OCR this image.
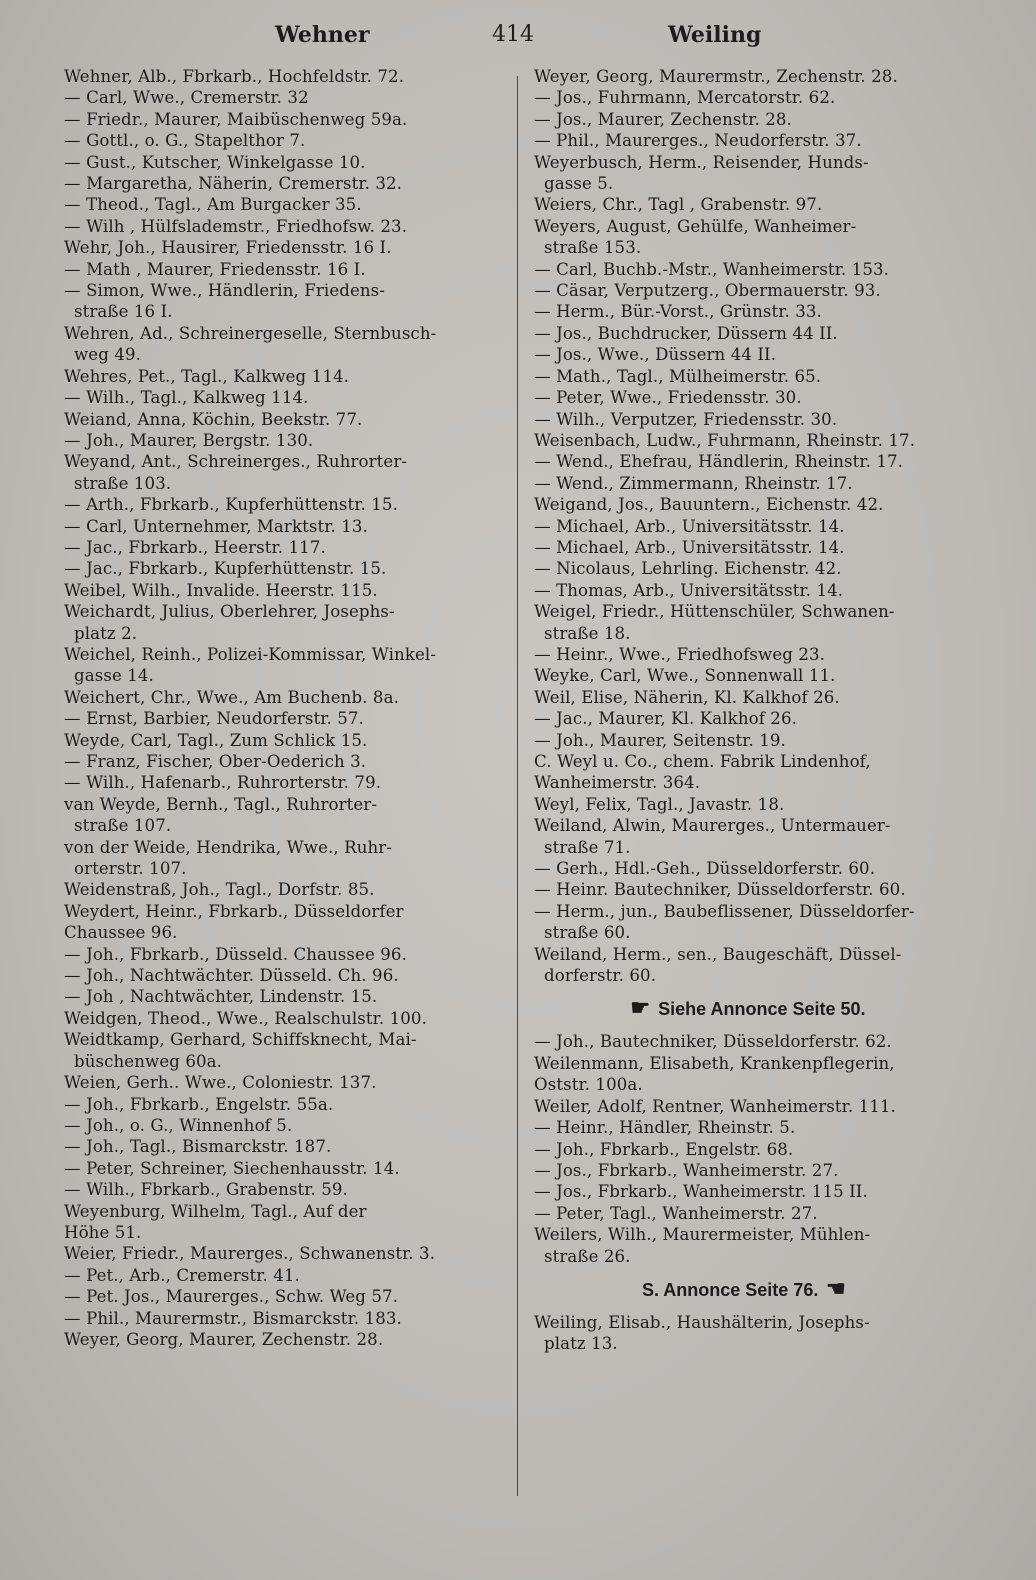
Wehner	414	Weiling
Wehner, Alb., Fbrkarb., Hochfeldstr. 72.
— Carl, Wwe., Cremerstr. 32
— Friedr., Maurer, Maibüschenweg 59a.
— Gottl., o. G., Stapelthor 7.
— Gust., Kutscher, Winkelgasse 10.
— Margaretha, Näherin, Cremerstr. 32.
— Theod., Tagl., Am Burgacker 35.
— Wilh , Hülfslademstr., Friedhofsw. 23.
Wehr, Joh., Hausirer, Friedensstr. 16 I.
— Math , Maurer, Friedensstr. 16 I.
— Simon, Wwe., Händlerin, Friedens-
straße 16 I.
Wehren, Ad., Schreinergeselle, Sternbusch-
weg 49.
Wehres, Pet., Tagl., Kalkweg 114.
— Wilh., Tagl., Kalkweg 114.
Weiand, Anna, Köchin, Beekstr. 77.
— Joh., Maurer, Bergstr. 130.
Weyand, Ant., Schreinerges., Ruhrorter-
straße 103.
— Arth., Fbrkarb., Kupferhüttenstr. 15.
— Carl, Unternehmer, Marktstr. 13.
— Jac., Fbrkarb., Heerstr. 117.
— Jac., Fbrkarb., Kupferhüttenstr. 15.
Weibel, Wilh., Invalide. Heerstr. 115.
Weichardt, Julius, Oberlehrer, Josephs-
platz 2.
Weichel, Reinh., Polizei-Kommissar, Winkel-
gasse 14.
Weichert, Chr., Wwe., Am Buchenb. 8a.
— Ernst, Barbier, Neudorferstr. 57.
Weyde, Carl, Tagl., Zum Schlick 15.
— Franz, Fischer, Ober-Oederich 3.
— Wilh., Hafenarb., Ruhrorterstr. 79.
van Weyde, Bernh., Tagl., Ruhrorter-
straße 107.
von der Weide, Hendrika, Wwe., Ruhr-
orterstr. 107.
Weidenstraß, Joh., Tagl., Dorfstr. 85.
Weydert, Heinr., Fbrkarb., Düsseldorfer
Chaussee 96.
— Joh., Fbrkarb., Düsseld. Chaussee 96.
— Joh., Nachtwächter. Düsseld. Ch. 96.
— Joh , Nachtwächter, Lindenstr. 15.
Weidgen, Theod., Wwe., Realschulstr. 100.
Weidtkamp, Gerhard, Schiffsknecht, Mai-
büschenweg 60a.
Weien, Gerh.. Wwe., Coloniestr. 137.
— Joh., Fbrkarb., Engelstr. 55a.
— Joh., o. G., Winnenhof 5.
— Joh., Tagl., Bismarckstr. 187.
— Peter, Schreiner, Siechenhausstr. 14.
— Wilh., Fbrkarb., Grabenstr. 59.
Weyenburg, Wilhelm, Tagl., Auf der
Höhe 51.
Weier, Friedr., Maurerges., Schwanenstr. 3.
— Pet., Arb., Cremerstr. 41.
— Pet. Jos., Maurerges., Schw. Weg 57.
— Phil., Maurermstr., Bismarckstr. 183.
Weyer, Georg, Maurer, Zechenstr. 28.
Weyer, Georg, Maurermstr., Zechenstr. 28.
— Jos., Fuhrmann, Mercatorstr. 62.
— Jos., Maurer, Zechenstr. 28.
— Phil., Maurerges., Neudorferstr. 37.
Weyerbusch, Herm., Reisender, Hunds-
gasse 5.
Weiers, Chr., Tagl , Grabenstr. 97.
Weyers, August, Gehülfe, Wanheimer-
straße 153.
— Carl, Buchb.-Mstr., Wanheimerstr. 153.
— Cäsar, Verputzerg., Obermauerstr. 93.
— Herm., Bür.-Vorst., Grünstr. 33.
— Jos., Buchdrucker, Düssern 44 II.
— Jos., Wwe., Düssern 44 II.
— Math., Tagl., Mülheimerstr. 65.
— Peter, Wwe., Friedensstr. 30.
— Wilh., Verputzer, Friedensstr. 30.
Weisenbach, Ludw., Fuhrmann, Rheinstr. 17.
— Wend., Ehefrau, Händlerin, Rheinstr. 17.
— Wend., Zimmermann, Rheinstr. 17.
Weigand, Jos., Bauuntern., Eichenstr. 42.
— Michael, Arb., Universitätsstr. 14.
— Michael, Arb., Universitätsstr. 14.
— Nicolaus, Lehrling. Eichenstr. 42.
— Thomas, Arb., Universitätsstr. 14.
Weigel, Friedr., Hüttenschüler, Schwanen-
straße 18.
— Heinr., Wwe., Friedhofsweg 23.
Weyke, Carl, Wwe., Sonnenwall 11.
Weil, Elise, Näherin, Kl. Kalkhof 26.
— Jac., Maurer, Kl. Kalkhof 26.
— Joh., Maurer, Seitenstr. 19.
C. Weyl u. Co., chem. Fabrik Lindenhof,
Wanheimerstr. 364.
Weyl, Felix, Tagl., Javastr. 18.
Weiland, Alwin, Maurerges., Untermauer-
straße 71.
— Gerh., Hdl.-Geh., Düsseldorferstr. 60.
— Heinr. Bautechniker, Düsseldorferstr. 60.
— Herm., jun., Baubeflissener, Düsseldorfer-
straße 60.
Weiland, Herm., sen., Baugeschäft, Düssel-
dorferstr. 60.
☛ Siehe Annonce Seite 50.
— Joh., Bautechniker, Düsseldorferstr. 62.
Weilenmann, Elisabeth, Krankenpflegerin,
Oststr. 100a.
Weiler, Adolf, Rentner, Wanheimerstr. 111.
— Heinr., Händler, Rheinstr. 5.
— Joh., Fbrkarb., Engelstr. 68.
— Jos., Fbrkarb., Wanheimerstr. 27.
— Jos., Fbrkarb., Wanheimerstr. 115 II.
— Peter, Tagl., Wanheimerstr. 27.
Weilers, Wilh., Maurermeister, Mühlen-
straße 26.
S. Annonce Seite 76. ☛
Weiling, Elisab., Haushälterin, Josephs-
platz 13.
